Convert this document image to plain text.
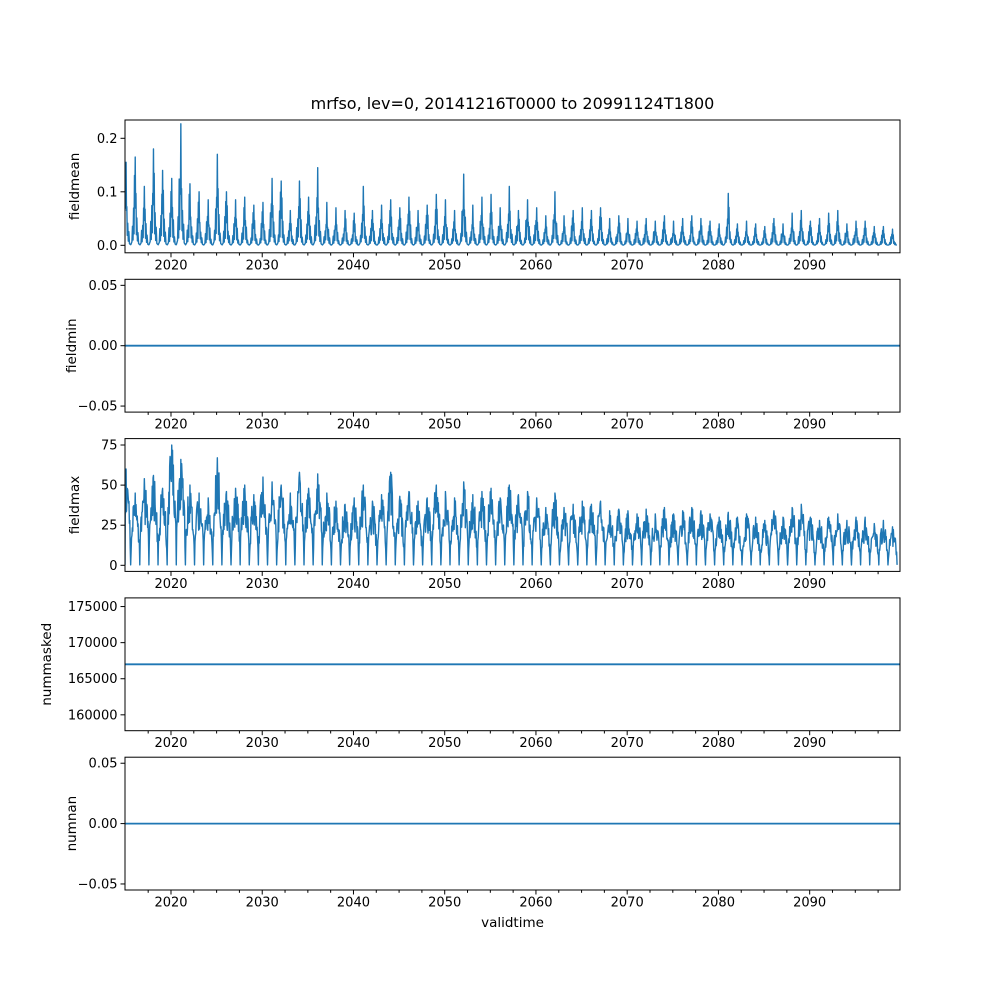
mrfso, lev=0, 20141216T0000 to 20991124T1800
2020	2030	2040	2050	2060	2070	2080	2090
0.0
0.1
0.2
fieldmean
2020	2030	2040	2050	2060	2070	2080	2090
−0.05
0.00
0.05
fieldmin
2020	2030	2040	2050	2060	2070	2080	2090
0
25
50
75
fieldmax
2020	2030	2040	2050	2060	2070	2080	2090
160000
165000
170000
175000
nummasked
2020	2030	2040	2050	2060	2070	2080	2090
−0.05
0.00
0.05
numnan
validtime
